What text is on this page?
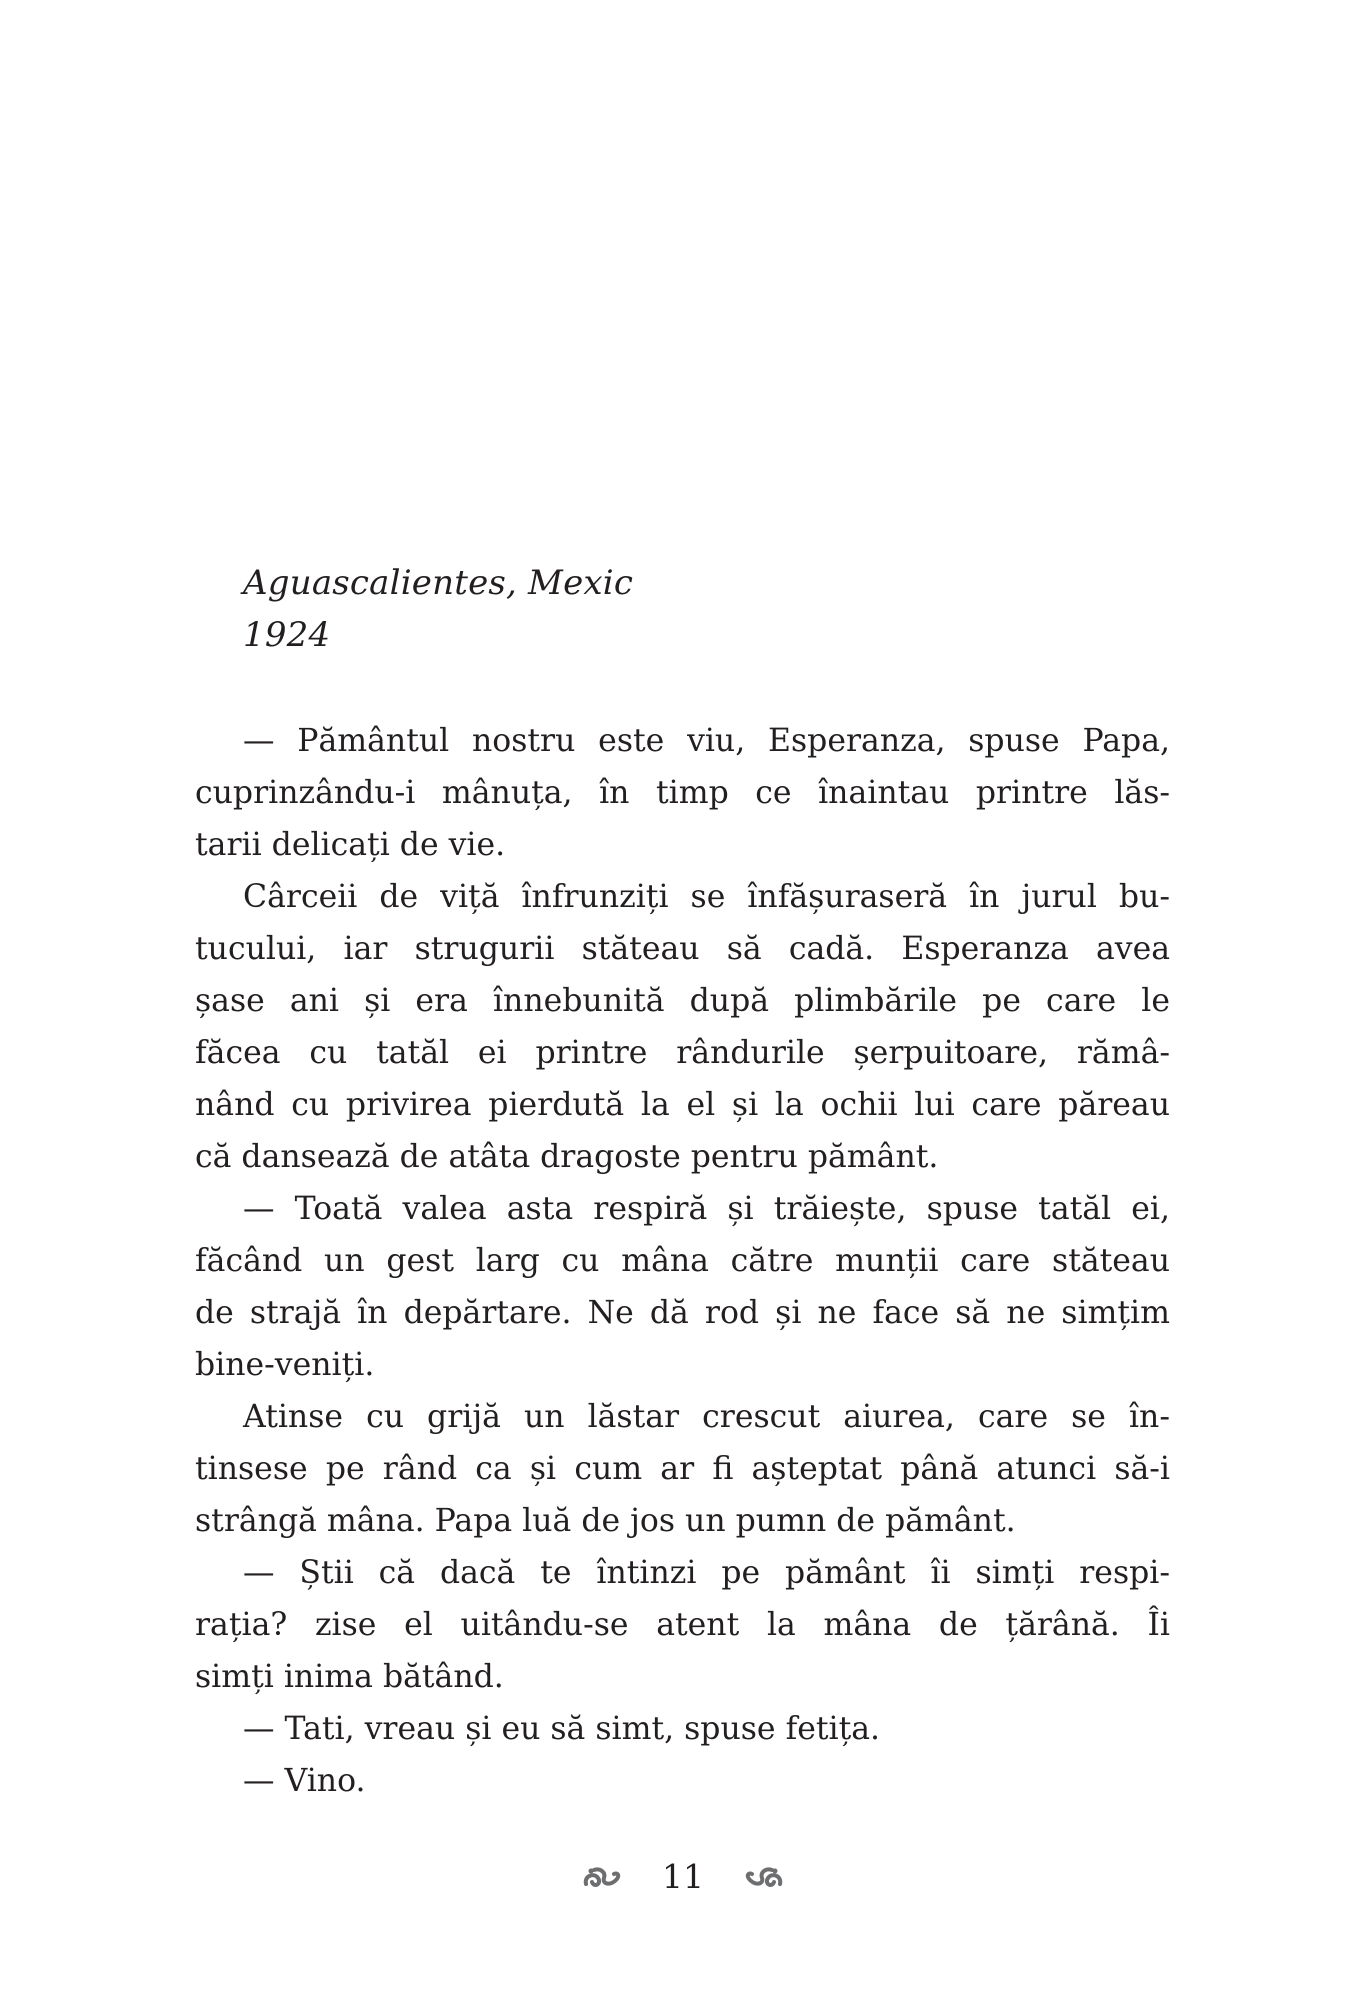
Aguascalientes, Mexic
1924
— Pământul nostru este viu, Esperanza, spuse Papa,
cuprinzându-i mânuța, în timp ce înaintau printre lăs-
tarii delicați de vie.
Cârceii de viță înfrunziți se înfășuraseră în jurul bu-
tucului, iar strugurii stăteau să cadă. Esperanza avea
șase ani și era înnebunită după plimbările pe care le
făcea cu tatăl ei printre rândurile șerpuitoare, rămâ-
nând cu privirea pierdută la el și la ochii lui care păreau
că dansează de atâta dragoste pentru pământ.
— Toată valea asta respiră și trăiește, spuse tatăl ei,
făcând un gest larg cu mâna către munții care stăteau
de strajă în depărtare. Ne dă rod și ne face să ne simțim
bine-veniți.
Atinse cu grijă un lăstar crescut aiurea, care se în-
tinsese pe rând ca și cum ar fi așteptat până atunci să-i
strângă mâna. Papa luă de jos un pumn de pământ.
— Știi că dacă te întinzi pe pământ îi simți respi-
rația? zise el uitându-se atent la mâna de țărână. Îi
simți inima bătând.
— Tati, vreau și eu să simt, spuse fetița.
— Vino.
11
